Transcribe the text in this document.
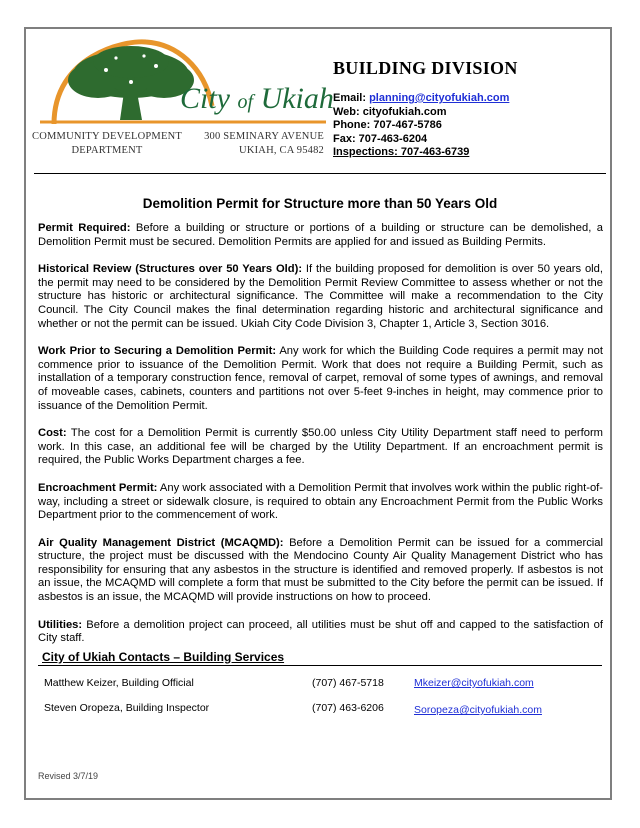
City of Ukiah
COMMUNITY DEVELOPMENT
DEPARTMENT
300 SEMINARY AVENUE
UKIAH, CA 95482
BUILDING DIVISION
Email: planning@cityofukiah.com
Web: cityofukiah.com
Phone: 707-467-5786
Fax: 707-463-6204
Inspections: 707-463-6739
Demolition Permit for Structure more than 50 Years Old

Permit Required: Before a building or structure or portions of a building or structure can be demolished, a Demolition Permit must be secured. Demolition Permits are applied for and issued as Building Permits.

Historical Review (Structures over 50 Years Old): If the building proposed for demolition is over 50 years old, the permit may need to be considered by the Demolition Permit Review Committee to assess whether or not the structure has historic or architectural significance. The Committee will make a recommendation to the City Council. The City Council makes the final determination regarding historic and architectural significance and whether or not the permit can be issued. Ukiah City Code Division 3, Chapter 1, Article 3, Section 3016.

Work Prior to Securing a Demolition Permit: Any work for which the Building Code requires a permit may not commence prior to issuance of the Demolition Permit. Work that does not require a Building Permit, such as installation of a temporary construction fence, removal of carpet, removal of some types of awnings, and removal of moveable cases, cabinets, counters and partitions not over 5-feet 9-inches in height, may commence prior to issuance of the Demolition Permit.

Cost: The cost for a Demolition Permit is currently $50.00 unless City Utility Department staff need to perform work. In this case, an additional fee will be charged by the Utility Department. If an encroachment permit is required, the Public Works Department charges a fee.

Encroachment Permit: Any work associated with a Demolition Permit that involves work within the public right-of-way, including a street or sidewalk closure, is required to obtain any Encroachment Permit from the Public Works Department prior to the commencement of work.

Air Quality Management District (MCAQMD): Before a Demolition Permit can be issued for a commercial structure, the project must be discussed with the Mendocino County Air Quality Management District who has responsibility for ensuring that any asbestos in the structure is identified and removed properly. If asbestos is not an issue, the MCAQMD will complete a form that must be submitted to the City before the permit can be issued. If asbestos is an issue, the MCAQMD will provide instructions on how to proceed.

Utilities: Before a demolition project can proceed, all utilities must be shut off and capped to the satisfaction of City staff.

City of Ukiah Contacts – Building Services
Matthew Keizer, Building Official	(707) 467-5718	Mkeizer@cityofukiah.com
Steven Oropeza, Building Inspector	(707) 463-6206	Soropeza@cityofukiah.com
Revised 3/7/19
